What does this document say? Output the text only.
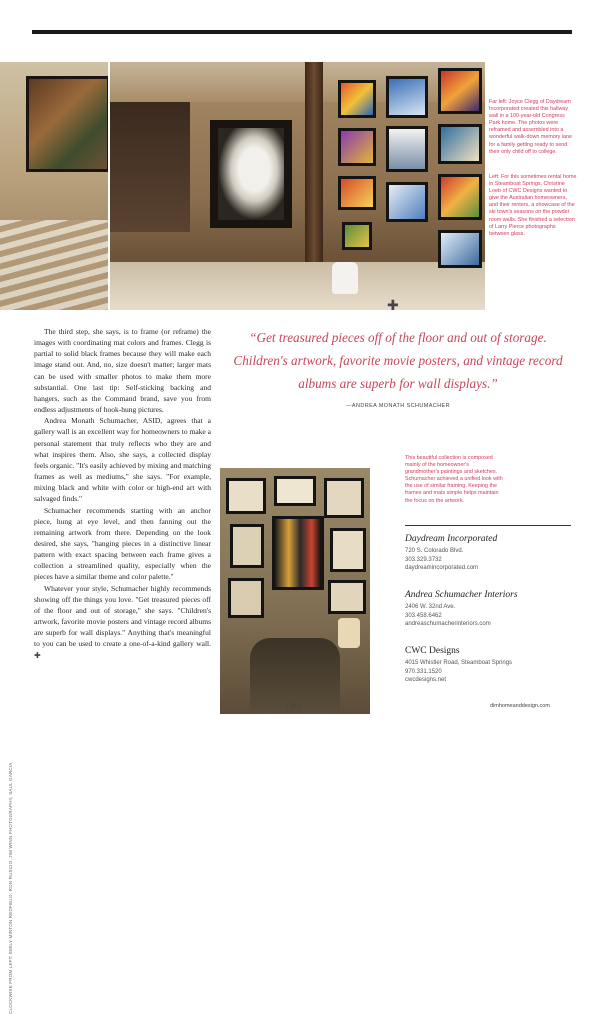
Far left: Joyce Clegg of Daydream Incorporated created this hallway wall in a 100-year-old Congress Park home. The photos were reframed and assembled into a wonderful walk-down memory lane for a family getting ready to send their only child off to college.
Left: For this sometimes rental home in Steamboat Springs, Christine Loeb of CWC Designs wanted to give the Australian homeowners, and their renters, a showcase of the ski town's seasons on the powder room walls. She finished a selection of Larry Pierce photographs between glass.
This beautiful collection is composed mainly of the homeowner's grandmother's paintings and sketches. Schumacher achieved a unified look with the use of similar framing. Keeping the frames and mats simple helps maintain the focus on the artwork.
✚
CLOCKWISE FROM LEFT: EMILY MINTON REDFIELD, RON RUSCIO, JIM WINN PHOTOGRAPHY, SAUL GARCIA

The third step, she says, is to frame (or reframe) the images with coordinating mat colors and frames. Clegg is partial to solid black frames because they will make each image stand out. And, no, size doesn't matter; larger mats can be used with smaller photos to make them more substantial. One last tip: Self-sticking backing and hangers, such as the Command brand, save you from endless adjustments of hook-hung pictures.

Andrea Monath Schumacher, ASID, agrees that a gallery wall is an excellent way for homeowners to make a personal statement that truly reflects who they are and what inspires them. Also, she says, a collected display feels organic. "It's easily achieved by mixing and matching frames as well as mediums," she says. "For example, mixing black and white with color or high-end art with salvaged finds."

Schumacher recommends starting with an anchor piece, hung at eye level, and then fanning out the remaining artwork from there. Depending on the look desired, she says, "hanging pieces in a distinctive linear pattern with exact spacing between each frame gives a collection a streamlined quality, especially when the pieces have a similar theme and color palette."

Whatever your style, Schumacher highly recommends showing off the things you love. "Get treasured pieces off of the floor and out of storage," she says. "Children's artwork, favorite movie posters and vintage record albums are superb for wall displays." Anything that's meaningful to you can be used to create a one-of-a-kind gallery wall. ✚

“Get treasured pieces off of the floor and out of storage. Children's artwork, favorite movie posters, and vintage record albums are superb for wall displays.”
—ANDREA MONATH SCHUMACHER
Daydream Incorporated
720 S. Colorado Blvd.
303.329.3732
daydreamincorporated.com
Andrea Schumacher Interiors
2406 W. 32nd Ave.
303.458.6462
andreaschumacherinteriors.com
CWC Designs
4015 Whistler Road, Steamboat Springs
970.331.1520
cwcdesigns.net
[ 25 ]	dimhomeanddesign.com
